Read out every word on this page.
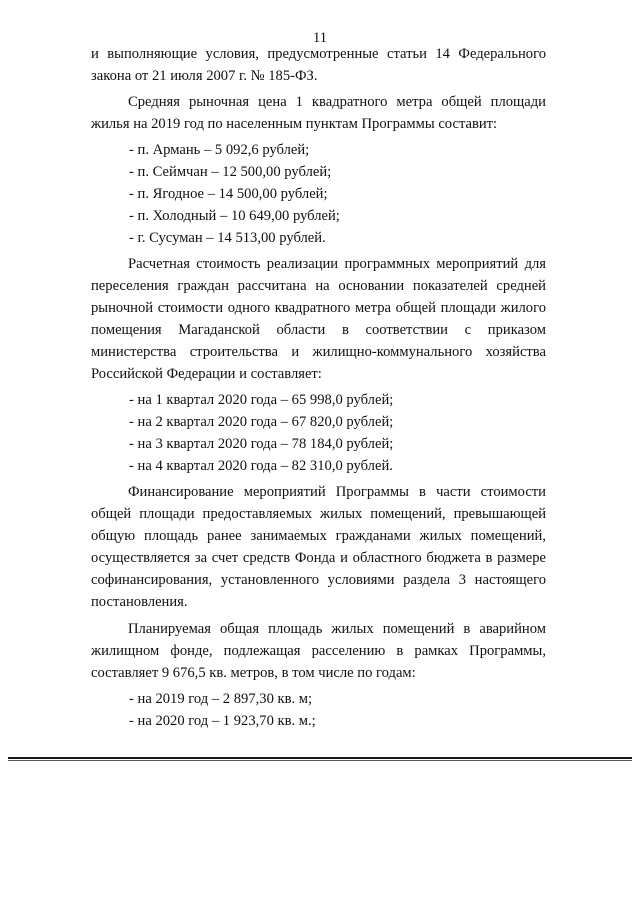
11

и выполняющие условия, предусмотренные статьи 14 Федерального

закона от 21 июля 2007 г. № 185-ФЗ.

Средняя рыночная цена 1 квадратного метра общей площади жилья на 2019 год по населенным пунктам Программы составит:

- п. Армань – 5 092,6 рублей;

- п. Сеймчан – 12 500,00 рублей;

- п. Ягодное – 14 500,00 рублей;

- п. Холодный – 10 649,00 рублей;

- г. Сусуман – 14 513,00 рублей.

Расчетная стоимость реализации программных мероприятий для переселения граждан рассчитана на основании показателей средней рыночной стоимости одного квадратного метра общей площади жилого помещения Магаданской области в соответствии с приказом министерства строительства и жилищно-коммунального хозяйства Российской Федерации и составляет:

- на 1 квартал 2020 года – 65 998,0 рублей;

- на 2 квартал 2020 года – 67 820,0 рублей;

- на 3 квартал 2020 года – 78 184,0 рублей;

- на 4 квартал 2020 года – 82 310,0 рублей.

Финансирование мероприятий Программы в части стоимости общей площади предоставляемых жилых помещений, превышающей общую площадь ранее занимаемых гражданами жилых помещений, осуществляется за счет средств Фонда и областного бюджета в размере софинансирования, установленного условиями раздела 3 настоящего постановления.

Планируемая общая площадь жилых помещений в аварийном жилищном фонде, подлежащая расселению в рамках Программы, составляет 9 676,5 кв. метров, в том числе по годам:

- на 2019 год – 2 897,30 кв. м;

- на 2020 год – 1 923,70 кв. м.;
